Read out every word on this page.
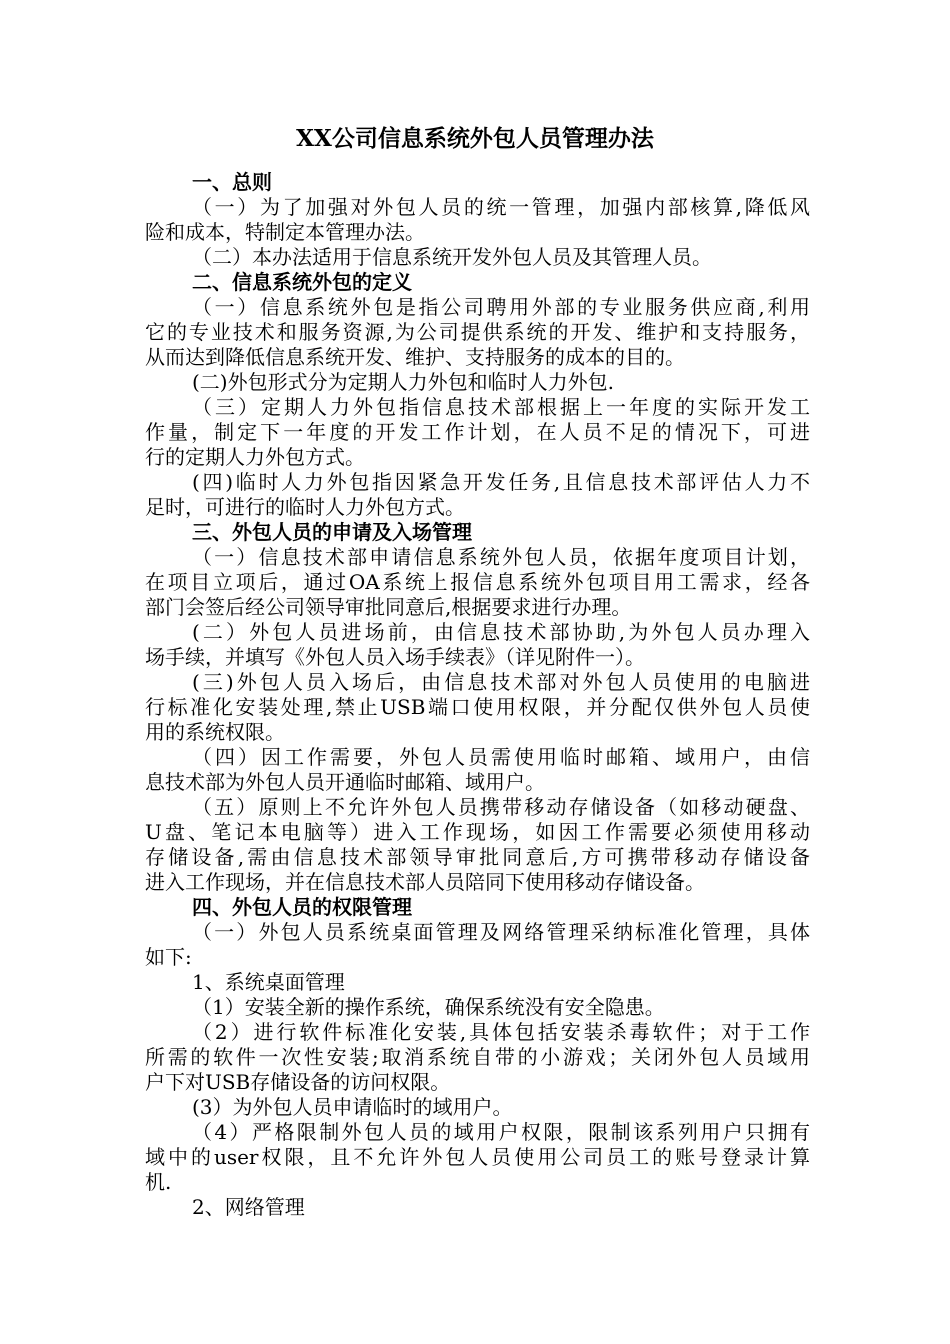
XX公司信息系统外包人员管理办法
一、总则
（一）为了加强对外包人员的统一管理，加强内部核算,降低风
险和成本，特制定本管理办法。
（二）本办法适用于信息系统开发外包人员及其管理人员。
二、信息系统外包的定义
（一）信息系统外包是指公司聘用外部的专业服务供应商,利用
它的专业技术和服务资源,为公司提供系统的开发、维护和支持服务，
从而达到降低信息系统开发、维护、支持服务的成本的目的。
(二)外包形式分为定期人力外包和临时人力外包.
（三）定期人力外包指信息技术部根据上一年度的实际开发工
作量，制定下一年度的开发工作计划，在人员不足的情况下，可进
行的定期人力外包方式。
(四)临时人力外包指因紧急开发任务,且信息技术部评估人力不
足时，可进行的临时人力外包方式。
三、外包人员的申请及入场管理
（一）信息技术部申请信息系统外包人员，依据年度项目计划，
在项目立项后，通过OA系统上报信息系统外包项目用工需求，经各
部门会签后经公司领导审批同意后,根据要求进行办理。
(二）外包人员进场前，由信息技术部协助,为外包人员办理入
场手续，并填写《外包人员入场手续表》（详见附件一）。
(三)外包人员入场后，由信息技术部对外包人员使用的电脑进
行标准化安装处理,禁止USB端口使用权限，并分配仅供外包人员使
用的系统权限。
（四）因工作需要，外包人员需使用临时邮箱、域用户，由信
息技术部为外包人员开通临时邮箱、域用户。
（五）原则上不允许外包人员携带移动存储设备（如移动硬盘、
U盘、笔记本电脑等）进入工作现场，如因工作需要必须使用移动
存储设备,需由信息技术部领导审批同意后,方可携带移动存储设备
进入工作现场，并在信息技术部人员陪同下使用移动存储设备。
四、外包人员的权限管理
（一）外包人员系统桌面管理及网络管理采纳标准化管理，具体
如下:
1、系统桌面管理
（1）安装全新的操作系统，确保系统没有安全隐患。
（2）进行软件标准化安装,具体包括安装杀毒软件；对于工作
所需的软件一次性安装;取消系统自带的小游戏；关闭外包人员域用
户下对USB存储设备的访问权限。
(3）为外包人员申请临时的域用户。
（4）严格限制外包人员的域用户权限，限制该系列用户只拥有
域中的user权限，且不允许外包人员使用公司员工的账号登录计算
机.
2、网络管理
